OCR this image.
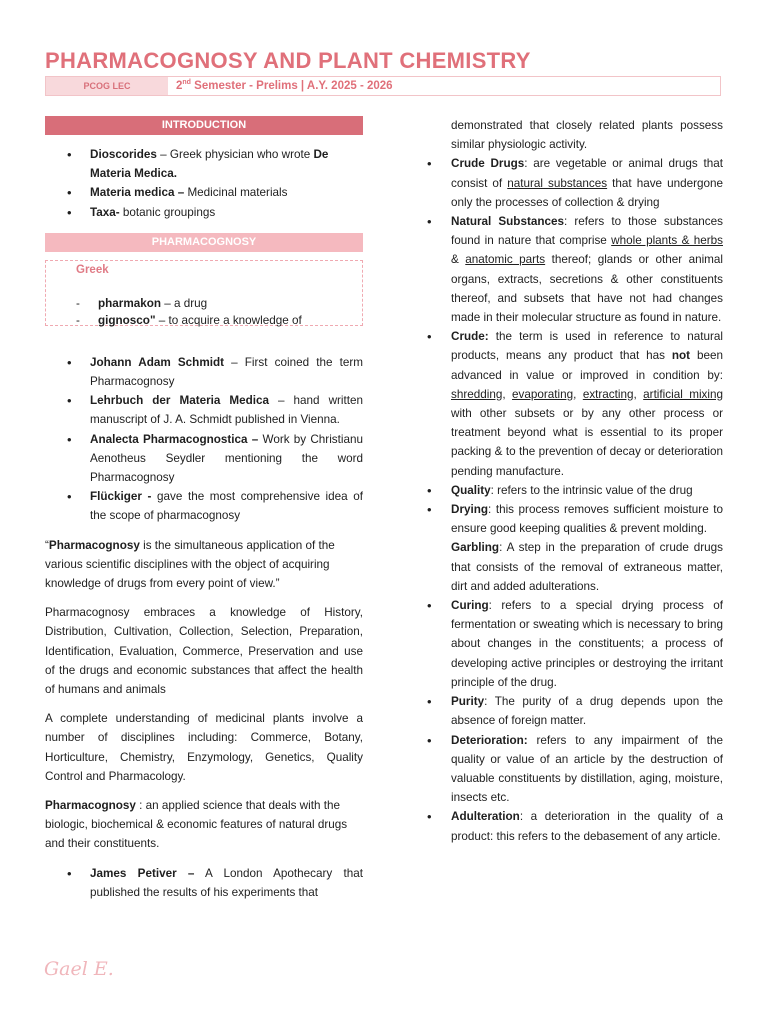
PHARMACOGNOSY AND PLANT CHEMISTRY
PCOG LEC	2nd Semester - Prelims | A.Y. 2025 - 2026
INTRODUCTION
• Dioscorides – Greek physician who wrote De Materia Medica.
• Materia medica – Medicinal materials
• Taxa- botanic groupings
PHARMACOGNOSY
Greek
- pharmakon – a drug
- gignosco" – to acquire a knowledge of
• Johann Adam Schmidt – First coined the term Pharmacognosy
• Lehrbuch der Materia Medica – hand written manuscript of J. A. Schmidt published in Vienna.
• Analecta Pharmacognostica – Work by Christianu Aenotheus Seydler mentioning the word Pharmacognosy
• Flückiger - gave the most comprehensive idea of the scope of pharmacognosy

“Pharmacognosy is the simultaneous application of the various scientific disciplines with the object of acquiring knowledge of drugs from every point of view.”

Pharmacognosy embraces a knowledge of History, Distribution, Cultivation, Collection, Selection, Preparation, Identification, Evaluation, Commerce, Preservation and use of the drugs and economic substances that affect the health of humans and animals

A complete understanding of medicinal plants involve a number of disciplines including: Commerce, Botany, Horticulture, Chemistry, Enzymology, Genetics, Quality Control and Pharmacology.

Pharmacognosy : an applied science that deals with the biologic, biochemical & economic features of natural drugs and their constituents.

• James Petiver – A London Apothecary that published the results of his experiments that

demonstrated that closely related plants possess similar physiologic activity.

• Crude Drugs: are vegetable or animal drugs that consist of natural substances that have undergone only the processes of collection & drying
• Natural Substances: refers to those substances found in nature that comprise whole plants & herbs & anatomic parts thereof; glands or other animal organs, extracts, secretions & other constituents thereof, and subsets that have not had changes made in their molecular structure as found in nature.
• Crude: the term is used in reference to natural products, means any product that has not been advanced in value or improved in condition by: shredding, evaporating, extracting, artificial mixing with other subsets or by any other process or treatment beyond what is essential to its proper packing & to the prevention of decay or deterioration pending manufacture.
• Quality: refers to the intrinsic value of the drug
• Drying: this process removes sufficient moisture to ensure good keeping qualities & prevent molding.
Garbling: A step in the preparation of crude drugs that consists of the removal of extraneous matter, dirt and added adulterations.
• Curing: refers to a special drying process of fermentation or sweating which is necessary to bring about changes in the constituents; a process of developing active principles or destroying the irritant principle of the drug.
• Purity: The purity of a drug depends upon the absence of foreign matter.
• Deterioration: refers to any impairment of the quality or value of an article by the destruction of valuable constituents by distillation, aging, moisture, insects etc.
• Adulteration: a deterioration in the quality of a product: this refers to the debasement of any article.
Gael E.
